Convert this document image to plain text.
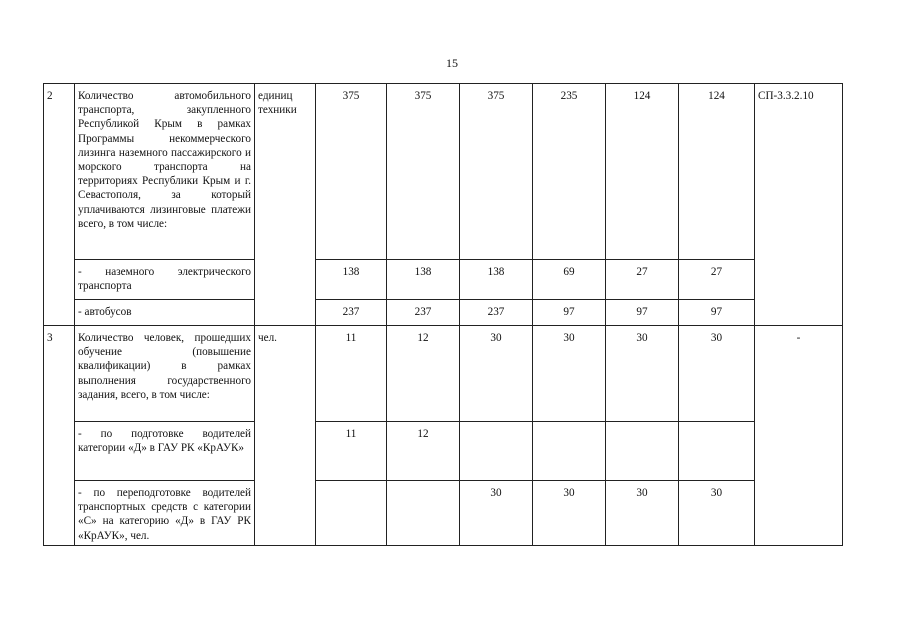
15
2	Количество автомобильного транспорта, закупленного Республикой Крым в рамках Программы некоммерческого лизинга наземного пассажирского и морского транспорта на территориях Республики Крым и г. Севастополя, за который уплачиваются лизинговые платежи всего, в том числе:	единиц техники	375	375	375	235	124	124	СП-3.3.2.10
	- наземного электрического транспорта		138	138	138	69	27	27	
	- автобусов		237	237	237	97	97	97	
3	Количество человек, прошедших обучение (повышение квалификации) в рамках выполнения государственного задания, всего, в том числе:	чел.	11	12	30	30	30	30	-
	- по подготовке водителей категории «Д» в ГАУ РК «КрАУК»		11	12					
	- по переподготовке водителей транспортных средств с категории «С» на категорию «Д» в ГАУ РК «КрАУК», чел.				30	30	30	30	
